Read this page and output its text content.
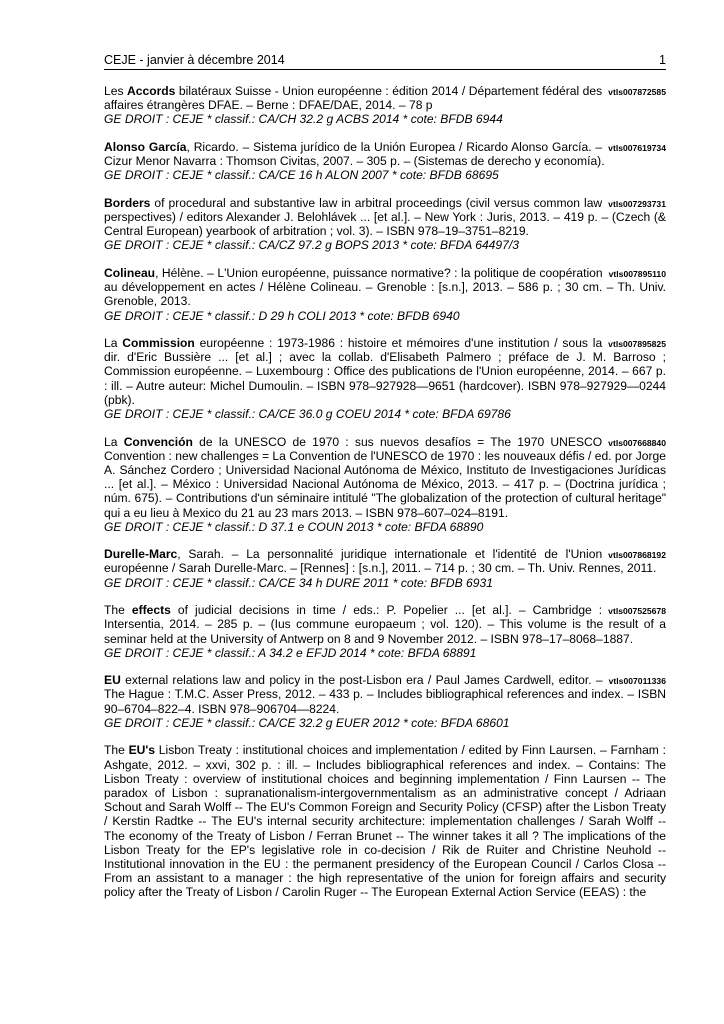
CEJE - janvier à décembre 2014	1

vtls007872585
Les Accords bilatéraux Suisse - Union européenne : édition 2014 / Département fédéral des affaires étrangères DFAE. – Berne : DFAE/DAE, 2014. – 78 p

GE DROIT : CEJE * classif.: CA/CH 32.2 g ACBS 2014 * cote: BFDB 6944

vtls007619734
Alonso García, Ricardo. – Sistema jurídico de la Unión Europea / Ricardo Alonso García. – Cizur Menor Navarra : Thomson Civitas, 2007. – 305 p. – (Sistemas de derecho y economía).

GE DROIT : CEJE * classif.: CA/CE 16 h ALON 2007 * cote: BFDB 68695

vtls007293731
Borders of procedural and substantive law in arbitral proceedings (civil versus common law perspectives) / editors Alexander J. Belohlávek ... [et al.]. – New York : Juris, 2013. – 419 p. – (Czech (& Central European) yearbook of arbitration ; vol. 3). – ISBN 978–19–3751–8219.

GE DROIT : CEJE * classif.: CA/CZ 97.2 g BOPS 2013 * cote: BFDA 64497/3

vtls007895110
Colineau, Hélène. – L'Union européenne, puissance normative? : la politique de coopération au développement en actes / Hélène Colineau. – Grenoble : [s.n.], 2013. – 586 p. ; 30 cm. – Th. Univ. Grenoble, 2013.

GE DROIT : CEJE * classif.: D 29 h COLI 2013 * cote: BFDB 6940

vtls007895825
La Commission européenne : 1973-1986 : histoire et mémoires d'une institution / sous la dir. d'Eric Bussière ... [et al.] ; avec la collab. d'Elisabeth Palmero ; préface de J. M. Barroso ; Commission européenne. – Luxembourg : Office des publications de l'Union européenne, 2014. – 667 p. : ill. – Autre auteur: Michel Dumoulin. – ISBN 978–927928—9651 (hardcover). ISBN 978–927929—0244 (pbk).

GE DROIT : CEJE * classif.: CA/CE 36.0 g COEU 2014 * cote: BFDA 69786

vtls007668840
La Convención de la UNESCO de 1970 : sus nuevos desafíos = The 1970 UNESCO Convention : new challenges = La Convention de l'UNESCO de 1970 : les nouveaux défis / ed. por Jorge A. Sánchez Cordero ; Universidad Nacional Autónoma de México, Instituto de Investigaciones Jurídicas ... [et al.]. – México : Universidad Nacional Autónoma de México, 2013. – 417 p. – (Doctrina jurídica ; núm. 675). – Contributions d'un séminaire intitulé "The globalization of the protection of cultural heritage" qui a eu lieu à Mexico du 21 au 23 mars 2013. – ISBN 978–607–024–8191.

GE DROIT : CEJE * classif.: D 37.1 e COUN 2013 * cote: BFDA 68890

vtls007868192
Durelle-Marc, Sarah. – La personnalité juridique internationale et l'identité de l'Union européenne / Sarah Durelle-Marc. – [Rennes] : [s.n.], 2011. – 714 p. ; 30 cm. – Th. Univ. Rennes, 2011.

GE DROIT : CEJE * classif.: CA/CE 34 h DURE 2011 * cote: BFDB 6931

vtls007525678
The effects of judicial decisions in time / eds.: P. Popelier ... [et al.]. – Cambridge : Intersentia, 2014. – 285 p. – (Ius commune europaeum ; vol. 120). – This volume is the result of a seminar held at the University of Antwerp on 8 and 9 November 2012. – ISBN 978–17–8068–1887.

GE DROIT : CEJE * classif.: A 34.2 e EFJD 2014 * cote: BFDA 68891

vtls007011336
EU external relations law and policy in the post-Lisbon era / Paul James Cardwell, editor. – The Hague : T.M.C. Asser Press, 2012. – 433 p. – Includes bibliographical references and index. – ISBN 90–6704–822–4. ISBN 978–906704—8224.

GE DROIT : CEJE * classif.: CA/CE 32.2 g EUER 2012 * cote: BFDA 68601

The EU's Lisbon Treaty : institutional choices and implementation / edited by Finn Laursen. – Farnham : Ashgate, 2012. – xxvi, 302 p. : ill. – Includes bibliographical references and index. – Contains: The Lisbon Treaty : overview of institutional choices and beginning implementation / Finn Laursen -- The paradox of Lisbon : supranationalism-intergovernmentalism as an administrative concept / Adriaan Schout and Sarah Wolff -- The EU's Common Foreign and Security Policy (CFSP) after the Lisbon Treaty / Kerstin Radtke -- The EU's internal security architecture: implementation challenges / Sarah Wolff -- The economy of the Treaty of Lisbon / Ferran Brunet -- The winner takes it all ? The implications of the Lisbon Treaty for the EP's legislative role in co-decision / Rik de Ruiter and Christine Neuhold -- Institutional innovation in the EU : the permanent presidency of the European Council / Carlos Closa -- From an assistant to a manager : the high representative of the union for foreign affairs and security policy after the Treaty of Lisbon / Carolin Ruger -- The European External Action Service (EEAS) : the
